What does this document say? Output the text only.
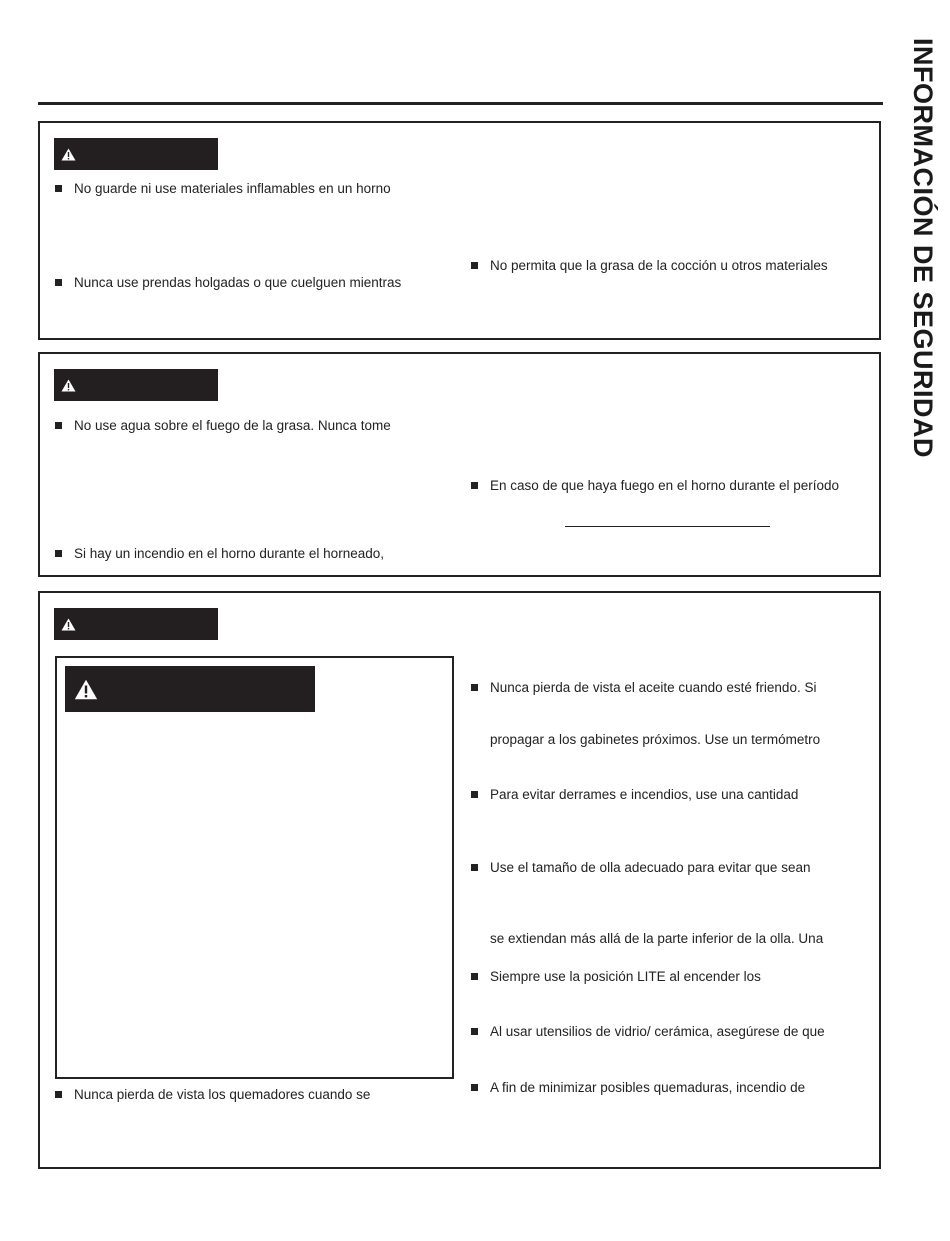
INFORMACIÓN DE SEGURIDAD
No guarde ni use materiales inflamables en un horno
Nunca use prendas holgadas o que cuelguen mientras
No permita que la grasa de la cocción u otros materiales
No use agua sobre el fuego de la grasa. Nunca tome
En caso de que haya fuego en el horno durante el período
Si hay un incendio en el horno durante el horneado,
Nunca pierda de vista el aceite cuando esté friendo. Si
propagar a los gabinetes próximos. Use un termómetro
Para evitar derrames e incendios, use una cantidad
Use el tamaño de olla adecuado para evitar que sean
se extiendan más allá de la parte inferior de la olla. Una
Siempre use la posición LITE al encender los
Al usar utensilios de vidrio/ cerámica, asegúrese de que
A fin de minimizar posibles quemaduras, incendio de
Nunca pierda de vista los quemadores cuando se
